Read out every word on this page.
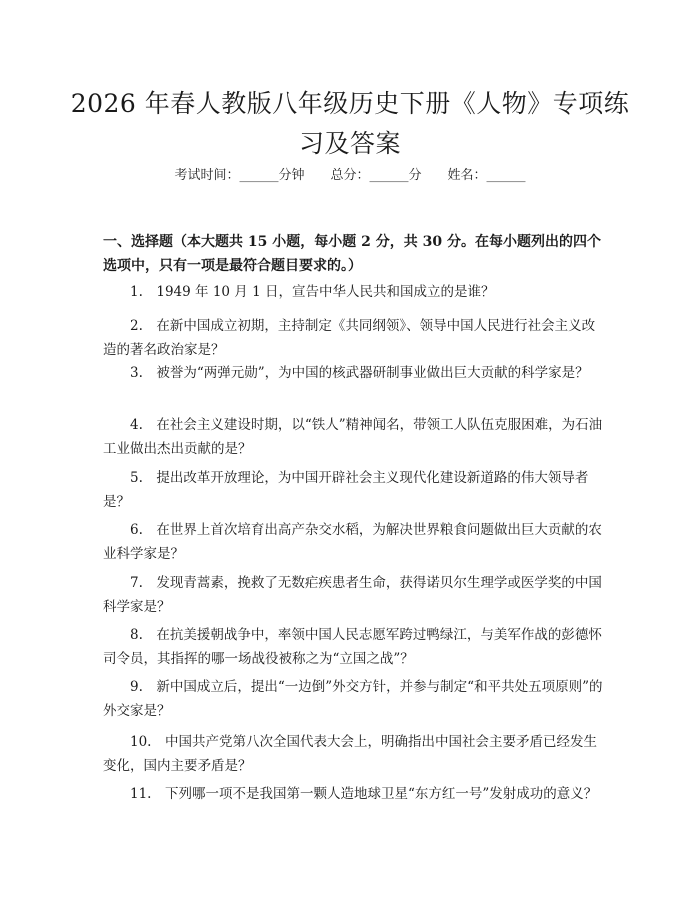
2026 年春人教版八年级历史下册《人物》专项练习及答案
考试时间：______分钟　　总分：______分　　姓名：______
一、选择题（本大题共 15 小题，每小题 2 分，共 30 分。在每小题列出的四个选项中，只有一项是最符合题目要求的。）
1.　1949 年 10 月 1 日，宣告中华人民共和国成立的是谁？
2.　在新中国成立初期，主持制定《共同纲领》、领导中国人民进行社会主义改造的著名政治家是？
3.　被誉为“两弹元勋”，为中国的核武器研制事业做出巨大贡献的科学家是？
4.　在社会主义建设时期，以“铁人”精神闻名，带领工人队伍克服困难，为石油工业做出杰出贡献的是？
5.　提出改革开放理论，为中国开辟社会主义现代化建设新道路的伟大领导者是？
6.　在世界上首次培育出高产杂交水稻，为解决世界粮食问题做出巨大贡献的农业科学家是？
7.　发现青蒿素，挽救了无数疟疾患者生命，获得诺贝尔生理学或医学奖的中国科学家是？
8.　在抗美援朝战争中，率领中国人民志愿军跨过鸭绿江，与美军作战的彭德怀司令员，其指挥的哪一场战役被称之为“立国之战”？
9.　新中国成立后，提出“一边倒”外交方针，并参与制定“和平共处五项原则”的外交家是？
10.　中国共产党第八次全国代表大会上，明确指出中国社会主要矛盾已经发生变化，国内主要矛盾是？
11.　下列哪一项不是我国第一颗人造地球卫星“东方红一号”发射成功的意义？
